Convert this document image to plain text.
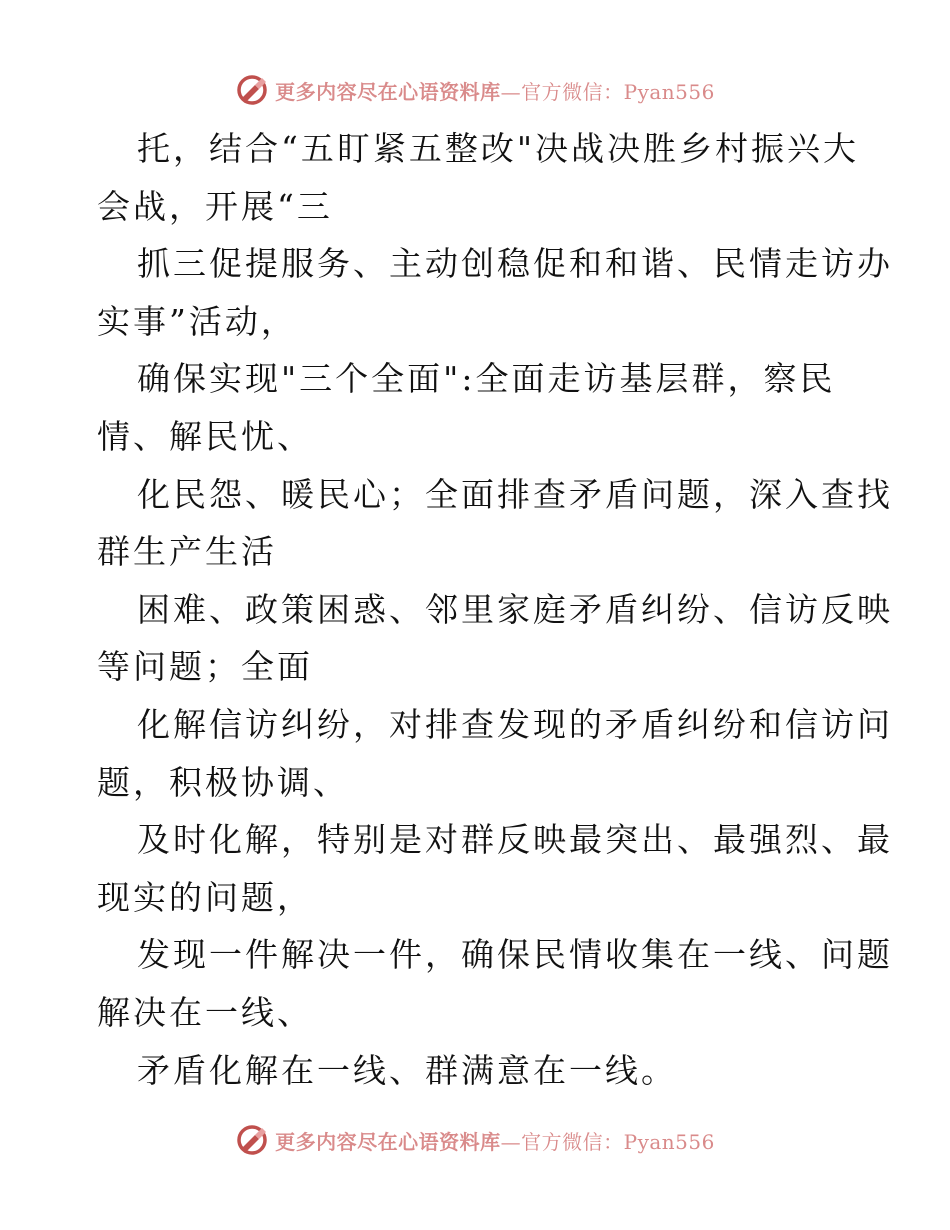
更多内容尽在心语资料库—官方微信：Pyan556
托，结合“五盯紧五整改"决战决胜乡村振兴大
会战，开展“三
抓三促提服务、主动创稳促和和谐、民情走访办
实事”活动，
确保实现"三个全面":全面走访基层群，察民
情、解民忧、
化民怨、暖民心；全面排查矛盾问题，深入查找
群生产生活
困难、政策困惑、邻里家庭矛盾纠纷、信访反映
等问题；全面
化解信访纠纷，对排查发现的矛盾纠纷和信访问
题，积极协调、
及时化解，特别是对群反映最突出、最强烈、最
现实的问题，
发现一件解决一件，确保民情收集在一线、问题
解决在一线、
矛盾化解在一线、群满意在一线。
更多内容尽在心语资料库—官方微信：Pyan556
